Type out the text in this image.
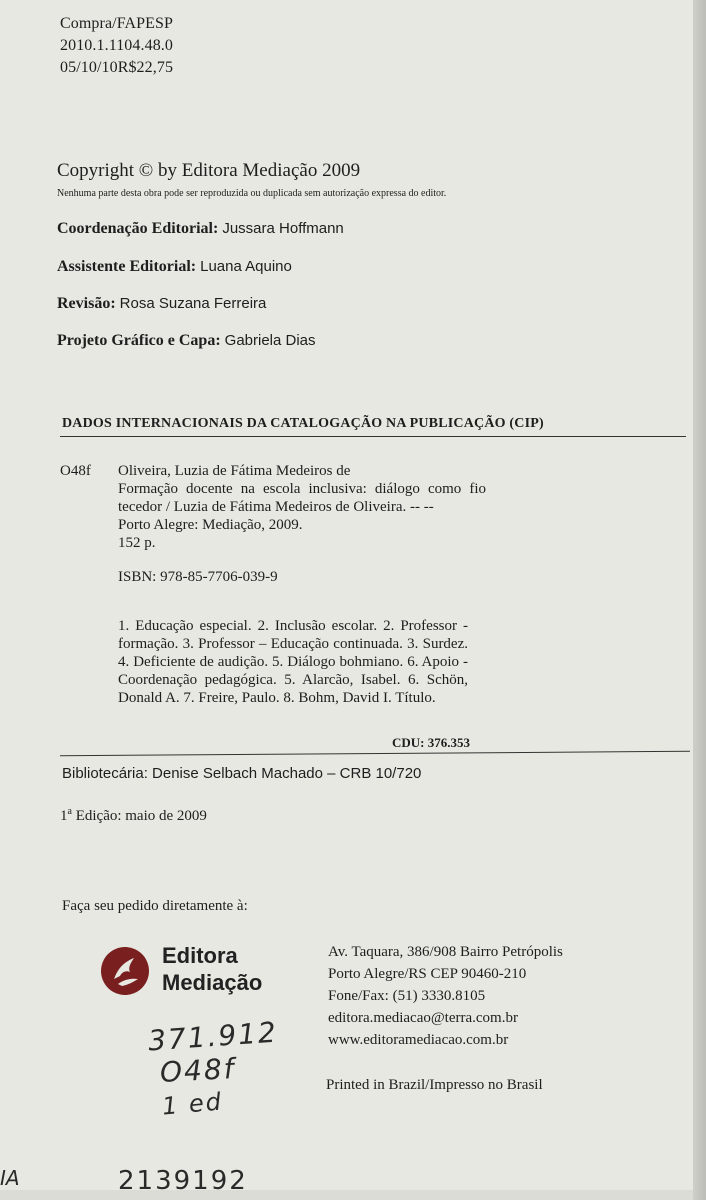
Compra/FAPESP
2010.1.1104.48.0
05/10/10R$22,75
Copyright © by Editora Mediação 2009
Nenhuma parte desta obra pode ser reproduzida ou duplicada sem autorização expressa do editor.
Coordenação Editorial: Jussara Hoffmann
Assistente Editorial: Luana Aquino
Revisão: Rosa Suzana Ferreira
Projeto Gráfico e Capa: Gabriela Dias
DADOS INTERNACIONAIS DA CATALOGAÇÃO NA PUBLICAÇÃO (CIP)
O48f Oliveira, Luzia de Fátima Medeiros de
Formação docente na escola inclusiva: diálogo como fio
tecedor / Luzia de Fátima Medeiros de Oliveira. -- --
Porto Alegre: Mediação, 2009.
152 p.
ISBN: 978-85-7706-039-9
1. Educação especial. 2. Inclusão escolar. 2. Professor -
formação. 3. Professor – Educação continuada. 3. Surdez.
4. Deficiente de audição. 5. Diálogo bohmiano. 6. Apoio -
Coordenação pedagógica. 5. Alarcão, Isabel. 6. Schön,
Donald A. 7. Freire, Paulo. 8. Bohm, David I. Título.
CDU: 376.353
Bibliotecária: Denise Selbach Machado – CRB 10/720
1$^a$ Edição: maio de 2009
Faça seu pedido diretamente à:
Editora
Mediação
Av. Taquara, 386/908 Bairro Petrópolis
Porto Alegre/RS CEP 90460-210
Fone/Fax: (51) 3330.8105
editora.mediacao@terra.com.br
www.editoramediacao.com.br
Printed in Brazil/Impresso no Brasil
371.912
O48f
1 ed
2139192
IA
